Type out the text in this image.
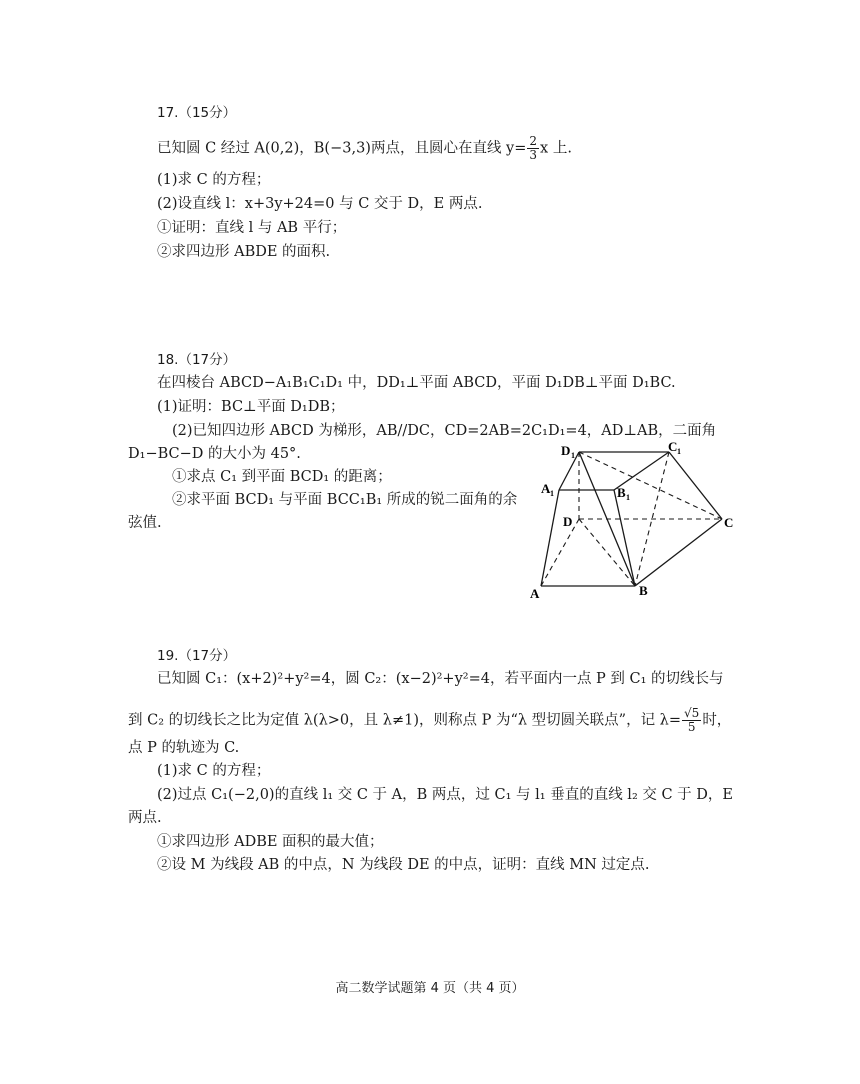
17.（15分）
已知圆 C 经过 A(0,2)，B(−3,3)两点，且圆心在直线 $y= \frac{2}{3}$ x 上.
(1)求 C 的方程；
(2)设直线 l：x+3y+24=0 与 C 交于 D，E 两点.
①证明：直线 l 与 AB 平行；
②求四边形 ABDE 的面积.
18.（17分）
在四棱台 ABCD−A₁B₁C₁D₁ 中，DD₁⊥平面 ABCD，平面 D₁DB⊥平面 D₁BC.
(1)证明：BC⊥平面 D₁DB；
(2)已知四边形 ABCD 为梯形，AB//DC，CD=2AB=2C₁D₁=4，AD⊥AB，二面角
D₁−BC−D 的大小为 45°.
①求点 C₁ 到平面 BCD₁ 的距离；
②求平面 BCD₁ 与平面 BCC₁B₁ 所成的锐二面角的余
弦值.
D 1
C 1
A 1	B 1
D	C
A	B
19.（17分）
已知圆 C₁：(x+2)²+y²=4，圆 C₂：(x−2)²+y²=4，若平面内一点 P 到 C₁ 的切线长与
到 C₂ 的切线长之比为定值 λ(λ>0，且 λ≠1)，则称点 P 为“λ 型切圆关联点”，记 $\lambda= \frac{√5}{5}$ 时，
点 P 的轨迹为 C.
(1)求 C 的方程；
(2)过点 C₁(−2,0)的直线 l₁ 交 C 于 A，B 两点，过 C₁ 与 l₁ 垂直的直线 l₂ 交 C 于 D，E
两点.
①求四边形 ADBE 面积的最大值；
②设 M 为线段 AB 的中点，N 为线段 DE 的中点，证明：直线 MN 过定点.
高二数学试题第 4 页（共 4 页）
